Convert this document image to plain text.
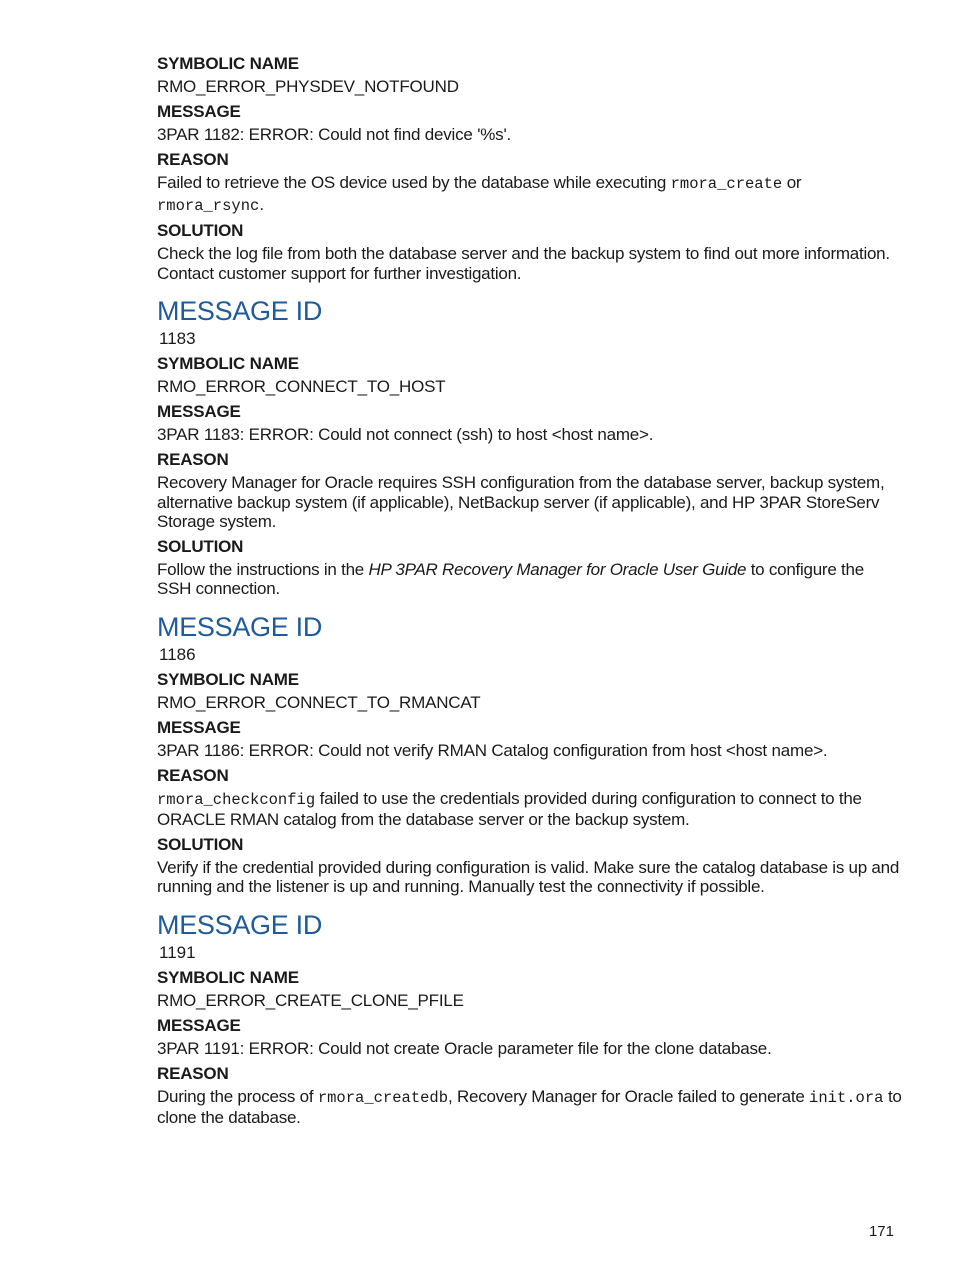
SYMBOLIC NAME
RMO_ERROR_PHYSDEV_NOTFOUND
MESSAGE
3PAR 1182: ERROR: Could not find device '%s'.
REASON
Failed to retrieve the OS device used by the database while executing rmora_create or rmora_rsync.
SOLUTION
Check the log file from both the database server and the backup system to find out more information. Contact customer support for further investigation.
MESSAGE ID
1183
SYMBOLIC NAME
RMO_ERROR_CONNECT_TO_HOST
MESSAGE
3PAR 1183: ERROR: Could not connect (ssh) to host <host name>.
REASON
Recovery Manager for Oracle requires SSH configuration from the database server, backup system, alternative backup system (if applicable), NetBackup server (if applicable), and HP 3PAR StoreServ Storage system.
SOLUTION
Follow the instructions in the HP 3PAR Recovery Manager for Oracle User Guide to configure the SSH connection.
MESSAGE ID
1186
SYMBOLIC NAME
RMO_ERROR_CONNECT_TO_RMANCAT
MESSAGE
3PAR 1186: ERROR: Could not verify RMAN Catalog configuration from host <host name>.
REASON
rmora_checkconfig failed to use the credentials provided during configuration to connect to the ORACLE RMAN catalog from the database server or the backup system.
SOLUTION
Verify if the credential provided during configuration is valid. Make sure the catalog database is up and running and the listener is up and running. Manually test the connectivity if possible.
MESSAGE ID
1191
SYMBOLIC NAME
RMO_ERROR_CREATE_CLONE_PFILE
MESSAGE
3PAR 1191: ERROR: Could not create Oracle parameter file for the clone database.
REASON
During the process of rmora_createdb, Recovery Manager for Oracle failed to generate init.ora to clone the database.
171
